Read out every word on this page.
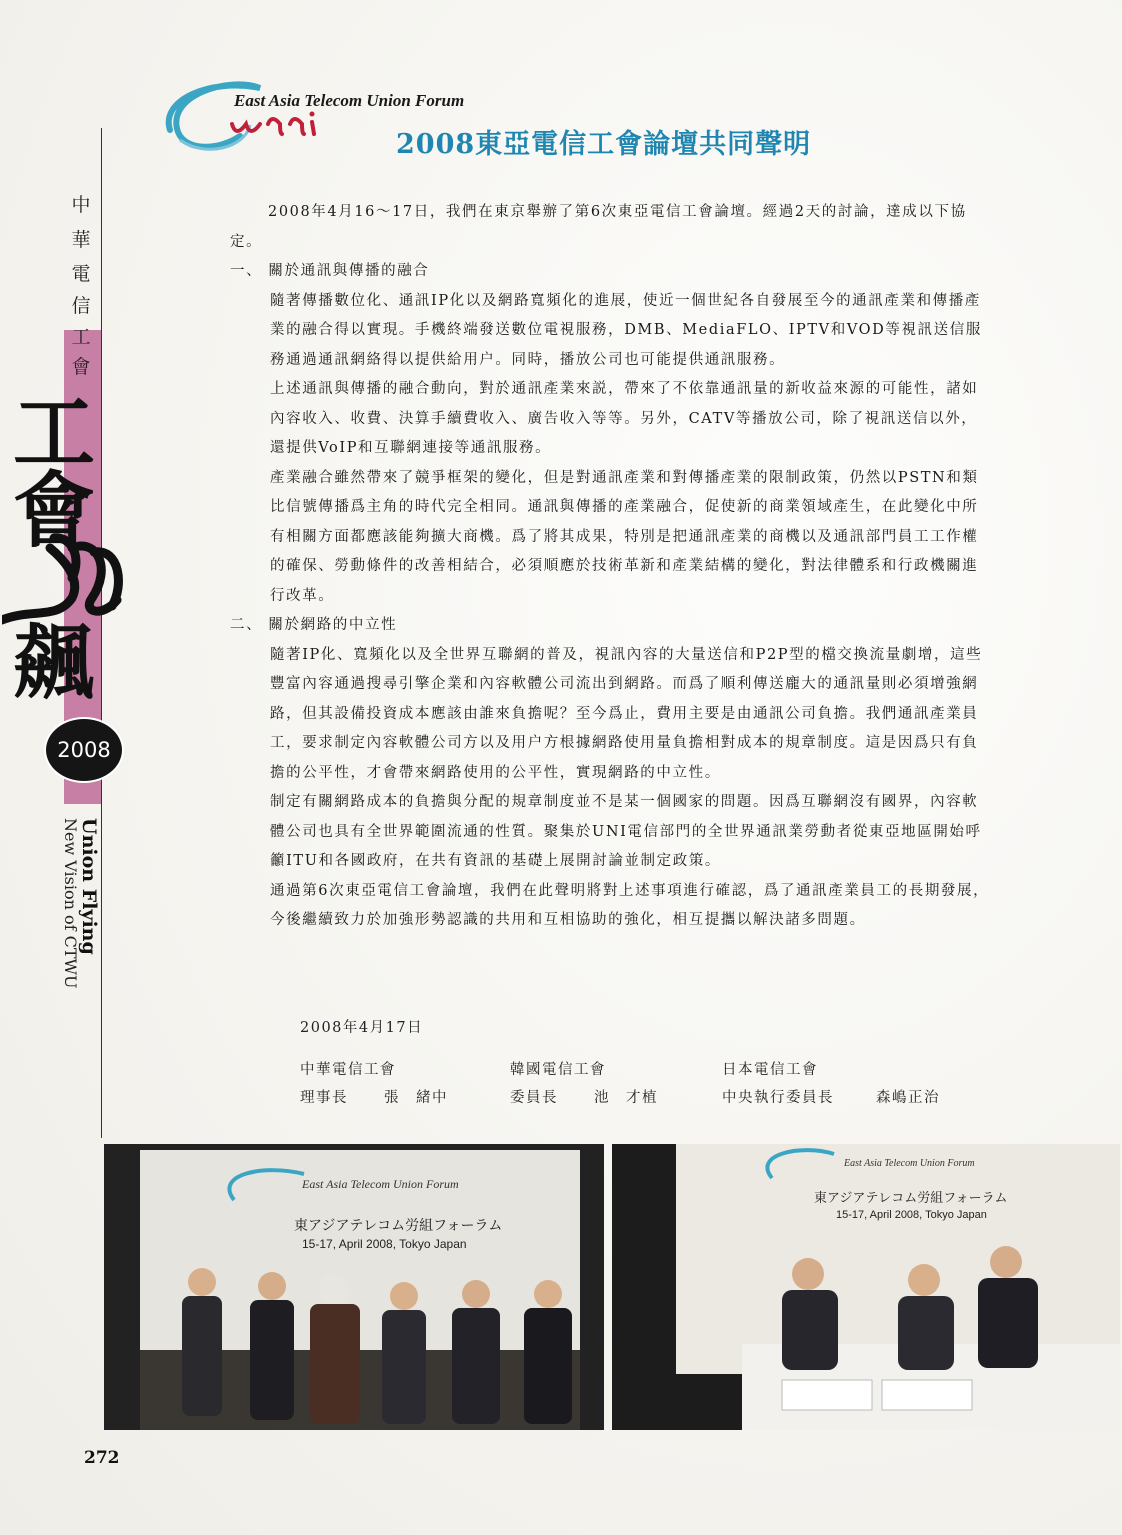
East Asia Telecom Union Forum
2008東亞電信工會論壇共同聲明
中
華
電
信
工
會
工
會
飆
2008
Union Flying
New Vision of CTWU

2008年4月16～17日，我們在東京舉辦了第6次東亞電信工會論壇。經過2天的討論，達成以下協定。

一、 關於通訊與傳播的融合

隨著傳播數位化、通訊IP化以及網路寬頻化的進展，使近一個世紀各自發展至今的通訊產業和傳播產業的融合得以實現。手機終端發送數位電視服務，DMB、MediaFLO、IPTV和VOD等視訊送信服務通過通訊網絡得以提供給用户。同時，播放公司也可能提供通訊服務。

上述通訊與傳播的融合動向，對於通訊產業來説，帶來了不依靠通訊量的新收益來源的可能性，諸如內容收入、收費、決算手續費收入、廣告收入等等。另外，CATV等播放公司，除了視訊送信以外，還提供VoIP和互聯網連接等通訊服務。

產業融合雖然帶來了競爭框架的變化，但是對通訊產業和對傳播產業的限制政策，仍然以PSTN和類比信號傳播爲主角的時代完全相同。通訊與傳播的產業融合，促使新的商業領域產生，在此變化中所有相關方面都應該能夠擴大商機。爲了將其成果，特別是把通訊產業的商機以及通訊部門員工工作權的確保、勞動條件的改善相結合，必須順應於技術革新和產業結構的變化，對法律體系和行政機關進行改革。

二、 關於網路的中立性

隨著IP化、寬頻化以及全世界互聯網的普及，視訊內容的大量送信和P2P型的檔交換流量劇增，這些豐富內容通過搜尋引擎企業和內容軟體公司流出到網路。而爲了順利傳送龐大的通訊量則必須增強網路，但其設備投資成本應該由誰來負擔呢？至今爲止，費用主要是由通訊公司負擔。我們通訊產業員工，要求制定內容軟體公司方以及用户方根據網路使用量負擔相對成本的規章制度。這是因爲只有負擔的公平性，才會帶來網路使用的公平性，實現網路的中立性。

制定有關網路成本的負擔與分配的規章制度並不是某一個國家的問題。因爲互聯網沒有國界，內容軟體公司也具有全世界範圍流通的性質。聚集於UNI電信部門的全世界通訊業勞動者從東亞地區開始呼籲ITU和各國政府，在共有資訊的基礎上展開討論並制定政策。

通過第6次東亞電信工會論壇，我們在此聲明將對上述事項進行確認，爲了通訊產業員工的長期發展，今後繼續致力於加強形勢認識的共用和互相協助的強化，相互提攜以解決諸多問題。

2008年4月17日
中華電信工會
理事長 張　緒中
韓國電信工會
委員長 池　才植
日本電信工會
中央執行委員長	森嶋正治
East Asia Telecom Union Forum
東アジアテレコム労組フォーラム
15-17, April 2008, Tokyo Japan
East Asia Telecom Union Forum
東アジアテレコム労組フォーラム
15-17, April 2008, Tokyo Japan
272
